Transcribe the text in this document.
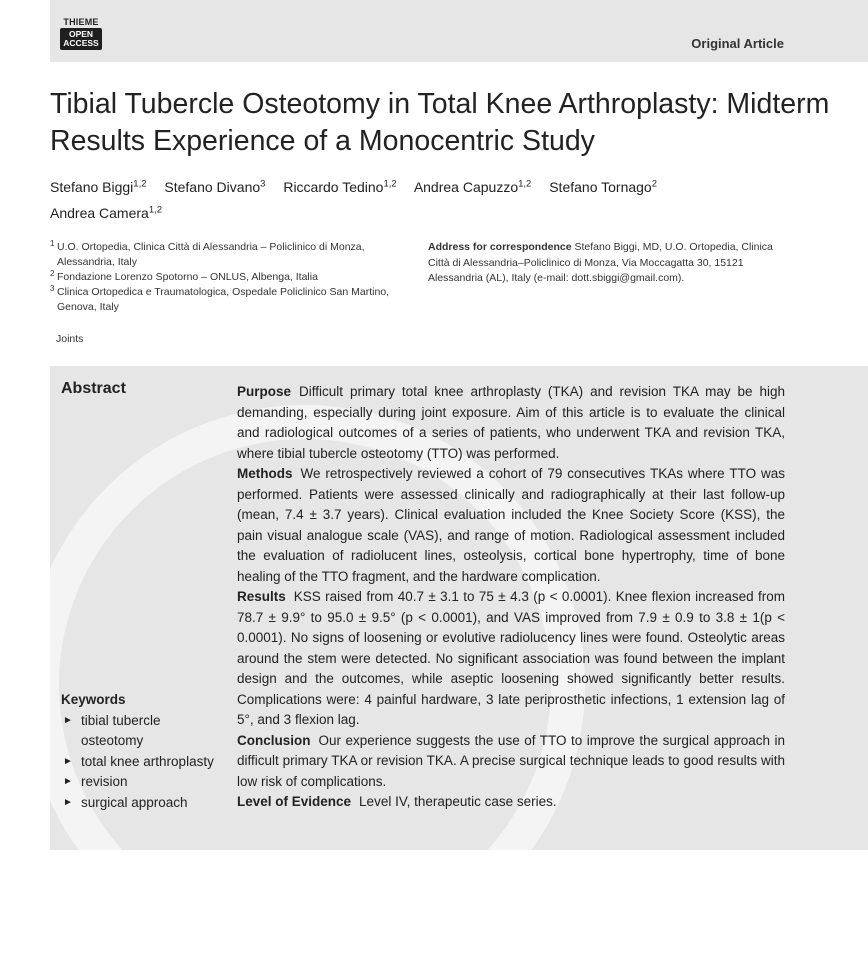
THIEME
OPEN
ACCESS	Original Article
Tibial Tubercle Osteotomy in Total Knee Arthroplasty: Midterm Results Experience of a Monocentric Study
Stefano Biggi$^{1,2}$ Stefano Divano$^3$ Riccardo Tedino$^{1,2}$ Andrea Capuzzo$^{1,2}$ Stefano Tornago$^2$
Andrea Camera$^{1,2}$
1 U.O. Ortopedia, Clinica Città di Alessandria – Policlinico di Monza, Alessandria, Italy
2 Fondazione Lorenzo Spotorno – ONLUS, Albenga, Italia
3 Clinica Ortopedica e Traumatologica, Ospedale Policlinico San Martino, Genova, Italy
Address for correspondence Stefano Biggi, MD, U.O. Ortopedia, Clinica Città di Alessandria–Policlinico di Monza, Via Moccagatta 30, 15121 Alessandria (AL), Italy (e-mail: dott.sbiggi@gmail.com).
Joints
Abstract	Purpose Difficult primary total knee arthroplasty (TKA) and revision TKA may be high demanding, especially during joint exposure. Aim of this article is to evaluate the clinical and radiological outcomes of a series of patients, who underwent TKA and revision TKA, where tibial tubercle osteotomy (TTO) was performed.

Methods We retrospectively reviewed a cohort of 79 consecutives TKAs where TTO was performed. Patients were assessed clinically and radiographically at their last follow-up (mean, 7.4 ± 3.7 years). Clinical evaluation included the Knee Society Score (KSS), the pain visual analogue scale (VAS), and range of motion. Radiological assessment included the evaluation of radiolucent lines, osteolysis, cortical bone hypertrophy, time of bone healing of the TTO fragment, and the hardware complication.

Results KSS raised from 40.7 ± 3.1 to 75 ± 4.3 (p < 0.0001). Knee flexion increased from 78.7 ± 9.9° to 95.0 ± 9.5° (p < 0.0001), and VAS improved from 7.9 ± 0.9 to 3.8 ± 1(p < 0.0001). No signs of loosening or evolutive radiolucency lines were found. Osteolytic areas around the stem were detected. No significant association was found between the implant design and the outcomes, while aseptic loosening showed significantly better results. Complications were: 4 painful hardware, 3 late periprosthetic infections, 1 extension lag of 5°, and 3 flexion lag.

Conclusion Our experience suggests the use of TTO to improve the surgical approach in difficult primary TKA or revision TKA. A precise surgical technique leads to good results with low risk of complications.

Level of Evidence Level IV, therapeutic case series.

Keywords
► tibial tubercle osteotomy
► total knee arthroplasty
► revision
► surgical approach
